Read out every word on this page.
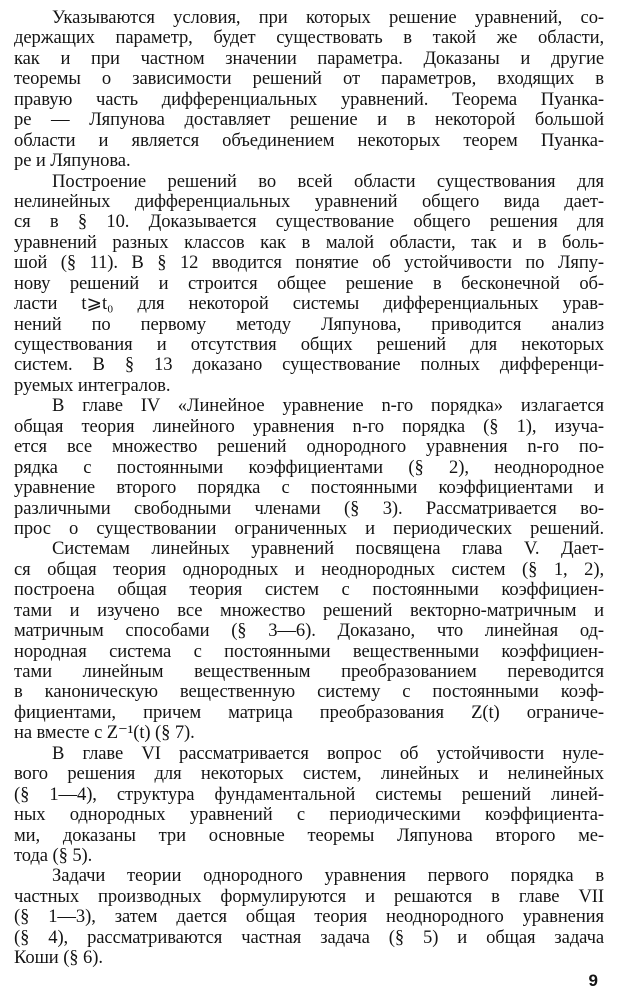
Указываются условия, при которых решение уравнений, со-
держащих параметр, будет существовать в такой же области,
как и при частном значении параметра. Доказаны и другие
теоремы о зависимости решений от параметров, входящих в
правую часть дифференциальных уравнений. Теорема Пуанка-
ре — Ляпунова доставляет решение и в некоторой большой
области и является объединением некоторых теорем Пуанка-
ре и Ляпунова.
Построение решений во всей области существования для
нелинейных дифференциальных уравнений общего вида дает-
ся в § 10. Доказывается существование общего решения для
уравнений разных классов как в малой области, так и в боль-
шой (§ 11). В § 12 вводится понятие об устойчивости по Ляпу-
нову решений и строится общее решение в бесконечной об-
ласти t⩾t₀ для некоторой системы дифференциальных урав-
нений по первому методу Ляпунова, приводится анализ
существования и отсутствия общих решений для некоторых
систем. В § 13 доказано существование полных дифференци-
руемых интегралов.
В главе IV «Линейное уравнение n-го порядка» излагается
общая теория линейного уравнения n-го порядка (§ 1), изуча-
ется все множество решений однородного уравнения n-го по-
рядка с постоянными коэффициентами (§ 2), неоднородное
уравнение второго порядка с постоянными коэффициентами и
различными свободными членами (§ 3). Рассматривается во-
прос о существовании ограниченных и периодических решений.
Системам линейных уравнений посвящена глава V. Дает-
ся общая теория однородных и неоднородных систем (§ 1, 2),
построена общая теория систем с постоянными коэффициен-
тами и изучено все множество решений векторно-матричным и
матричным способами (§ 3—6). Доказано, что линейная од-
нородная система с постоянными вещественными коэффициен-
тами линейным вещественным преобразованием переводится
в каноническую вещественную систему с постоянными коэф-
фициентами, причем матрица преобразования Z(t) ограниче-
на вместе с Z⁻¹(t) (§ 7).
В главе VI рассматривается вопрос об устойчивости нуле-
вого решения для некоторых систем, линейных и нелинейных
(§ 1—4), структура фундаментальной системы решений линей-
ных однородных уравнений с периодическими коэффициента-
ми, доказаны три основные теоремы Ляпунова второго ме-
тода (§ 5).
Задачи теории однородного уравнения первого порядка в
частных производных формулируются и решаются в главе VII
(§ 1—3), затем дается общая теория неоднородного уравнения
(§ 4), рассматриваются частная задача (§ 5) и общая задача
Коши (§ 6).
9
